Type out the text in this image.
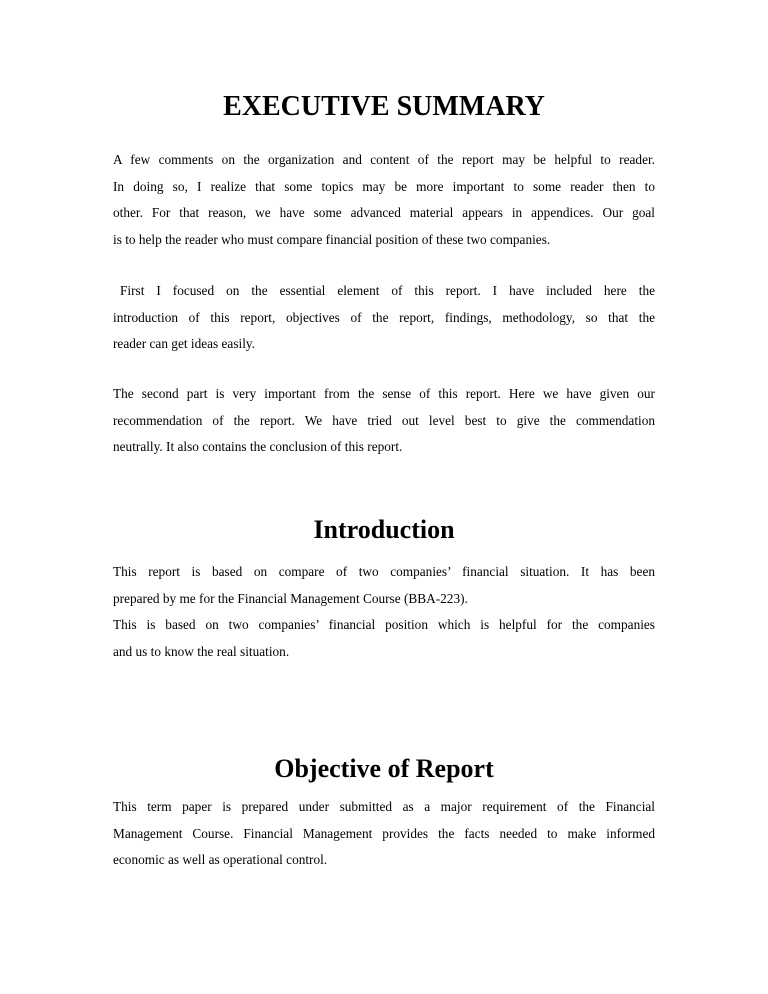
EXECUTIVE SUMMARY
A few comments on the organization and content of the report may be helpful to reader.
In doing so, I realize that some topics may be more important to some reader then to
other. For that reason, we have some advanced material appears in appendices. Our goal
is to help the reader who must compare financial position of these two companies.
First I focused on the essential element of this report. I have included here the
introduction of this report, objectives of the report, findings, methodology, so that the
reader can get ideas easily.
The second part is very important from the sense of this report. Here we have given our
recommendation of the report. We have tried out level best to give the commendation
neutrally. It also contains the conclusion of this report.
Introduction
This report is based on compare of two companies’ financial situation. It has been
prepared by me for the Financial Management Course (BBA-223).
This is based on two companies’ financial position which is helpful for the companies
and us to know the real situation.
Objective of Report
This term paper is prepared under submitted as a major requirement of the Financial
Management Course. Financial Management provides the facts needed to make informed
economic as well as operational control.
